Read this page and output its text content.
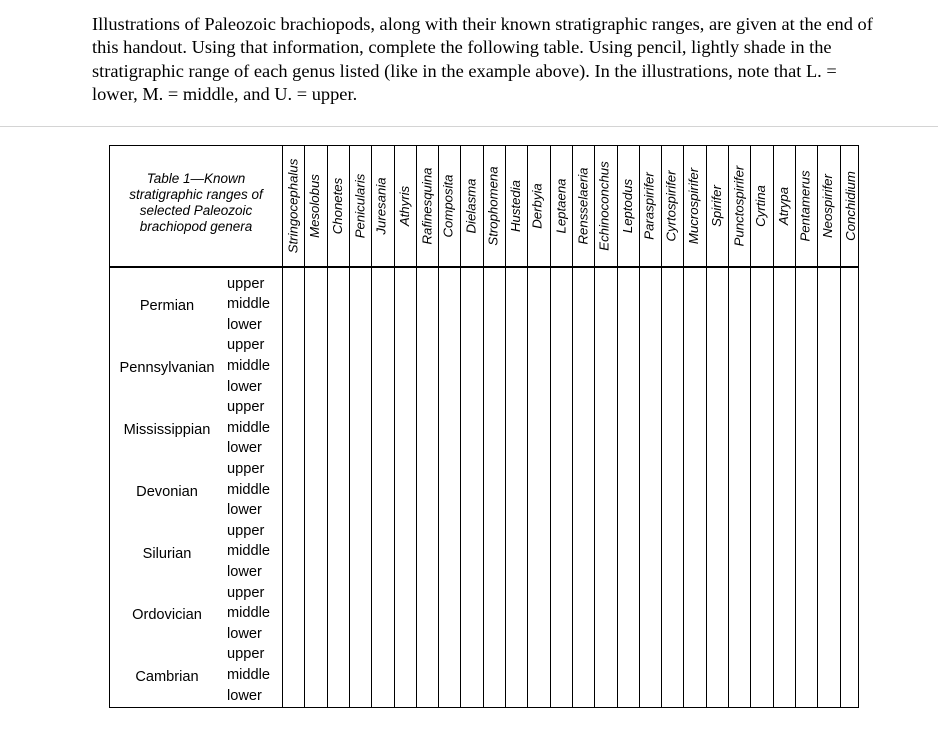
Illustrations of Paleozoic brachiopods, along with their known stratigraphic ranges, are given at the end of this handout. Using that information, complete the following table. Using pencil, lightly shade in the stratigraphic range of each genus listed (like in the example above). In the illustrations, note that L. = lower, M. = middle, and U. = upper.

Table 1—Known stratigraphic ranges of selected Paleozoic brachiopod genera	Stringocephalus Mesolobus Chonetes Penicularis Juresania Athyris Rafinesquina Composita Dielasma Strophomena Hustedia Derbyia Leptaena Rensselaeria Echinoconchus Leptodus Paraspirifer Cyrtospirifer Mucrospirifer Spirifer Punctospirifer Cyrtina Atrypa Pentamerus Neospirifer Conchidium
Permian
upper
middle
lower
Pennsylvanian
upper
middle
lower
Mississippian
upper
middle
lower
Devonian
upper
middle
lower
Silurian
upper
middle
lower
Ordovician
upper
middle
lower
Cambrian
upper
middle
lower
